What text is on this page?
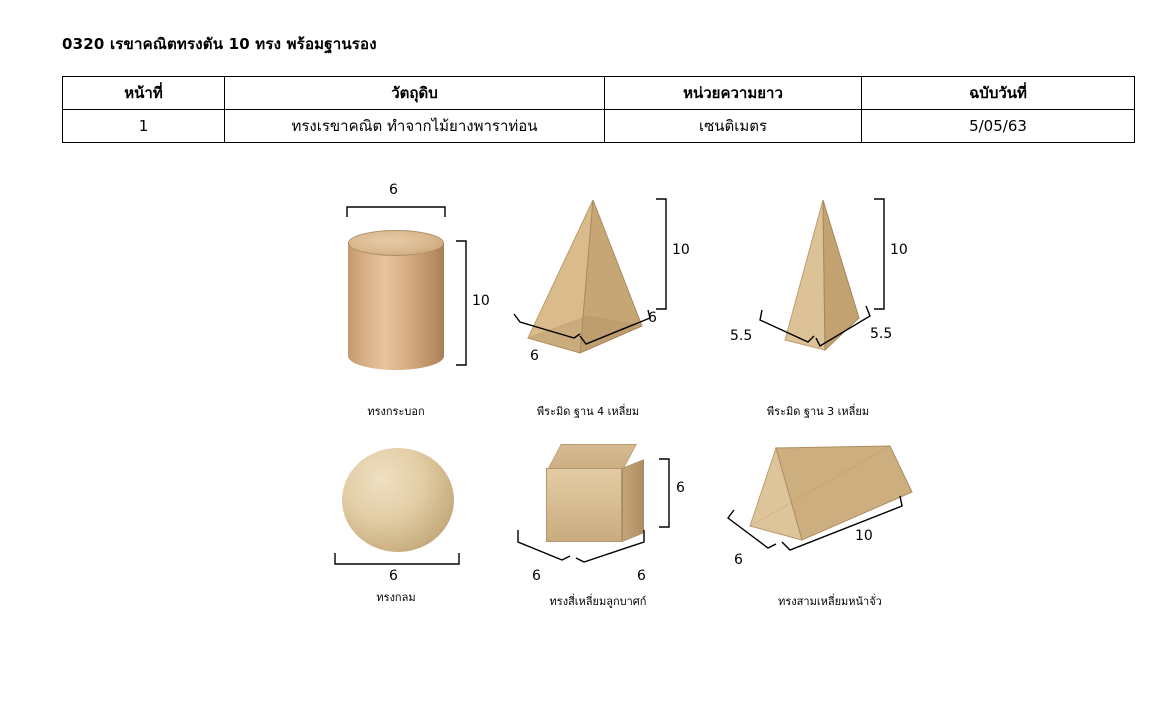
0320 เรขาคณิตทรงตัน 10 ทรง พร้อมฐานรอง
หน้าที่	วัตถุดิบ	หน่วยความยาว	ฉบับวันที่
1	ทรงเรขาคณิต ทำจากไม้ยางพาราท่อน	เซนติเมตร	5/05/63
6
10
ทรงกระบอก
10
6
6
พีระมิด ฐาน 4 เหลี่ยม
10
5.5	5.5
พีระมิด ฐาน 3 เหลี่ยม
6
ทรงกลม
6
6	6
ทรงสี่เหลี่ยมลูกบาศก์
6
10
ทรงสามเหลี่ยมหน้าจั่ว
